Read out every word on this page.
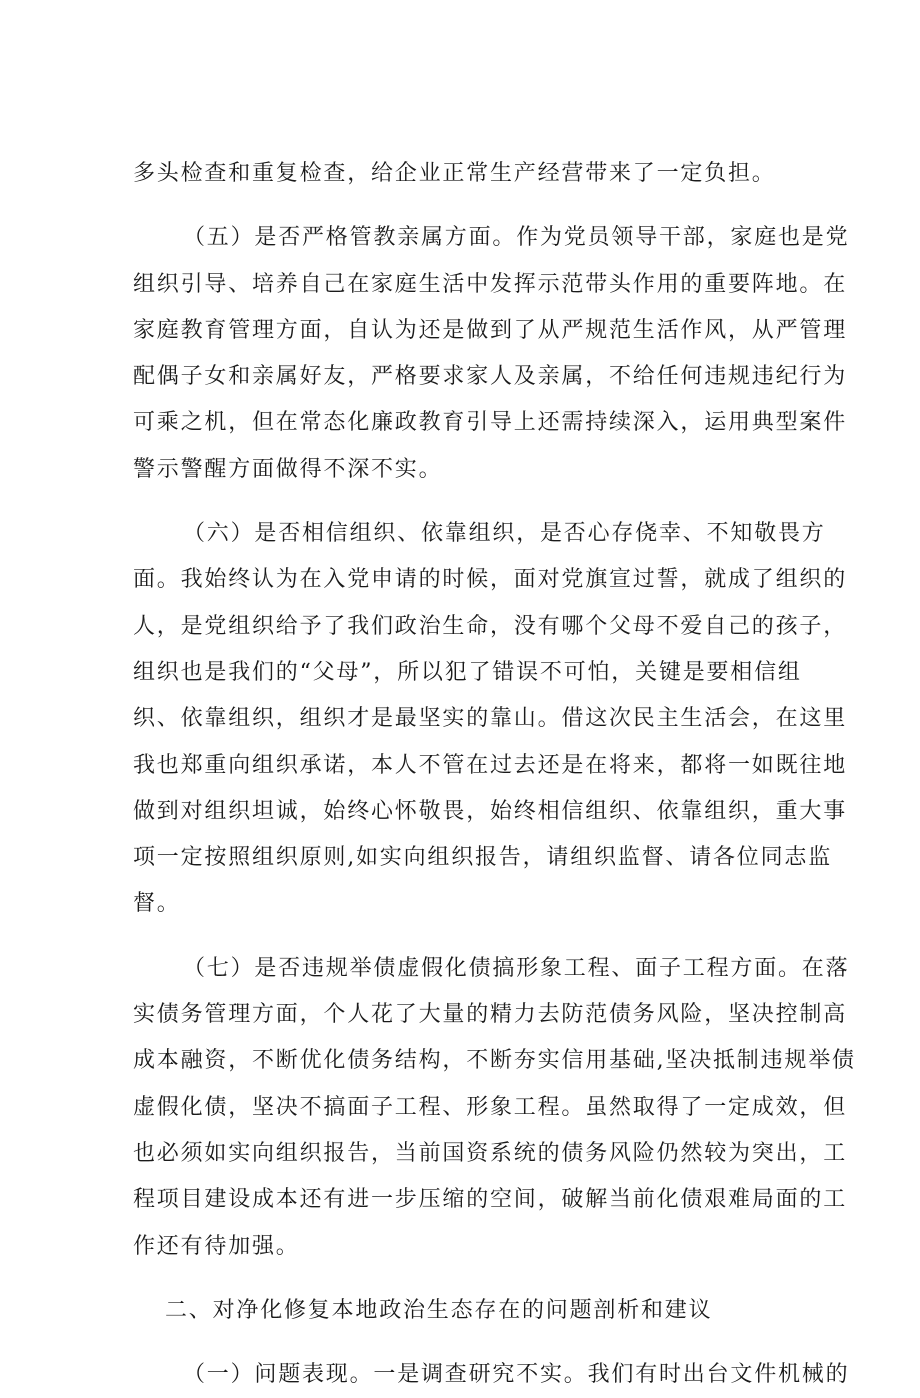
多头检查和重复检查，给企业正常生产经营带来了一定负担。
（五）是否严格管教亲属方面。作为党员领导干部，家庭也是党
组织引导、培养自己在家庭生活中发挥示范带头作用的重要阵地。在
家庭教育管理方面，自认为还是做到了从严规范生活作风，从严管理
配偶子女和亲属好友，严格要求家人及亲属，不给任何违规违纪行为
可乘之机，但在常态化廉政教育引导上还需持续深入，运用典型案件
警示警醒方面做得不深不实。
（六）是否相信组织、依靠组织，是否心存侥幸、不知敬畏方
面。我始终认为在入党申请的时候，面对党旗宣过誓，就成了组织的
人，是党组织给予了我们政治生命，没有哪个父母不爱自己的孩子，
组织也是我们的“父母”，所以犯了错误不可怕，关键是要相信组
织、依靠组织，组织才是最坚实的靠山。借这次民主生活会，在这里
我也郑重向组织承诺，本人不管在过去还是在将来，都将一如既往地
做到对组织坦诚，始终心怀敬畏，始终相信组织、依靠组织，重大事
项一定按照组织原则,如实向组织报告，请组织监督、请各位同志监
督。
（七）是否违规举债虚假化债搞形象工程、面子工程方面。在落
实债务管理方面，个人花了大量的精力去防范债务风险，坚决控制高
成本融资，不断优化债务结构，不断夯实信用基础,坚决抵制违规举债
虚假化债，坚决不搞面子工程、形象工程。虽然取得了一定成效，但
也必须如实向组织报告，当前国资系统的债务风险仍然较为突出，工
程项目建设成本还有进一步压缩的空间，破解当前化债艰难局面的工
作还有待加强。
二、对净化修复本地政治生态存在的问题剖析和建议
（一）问题表现。一是调查研究不实。我们有时出台文件机械的
